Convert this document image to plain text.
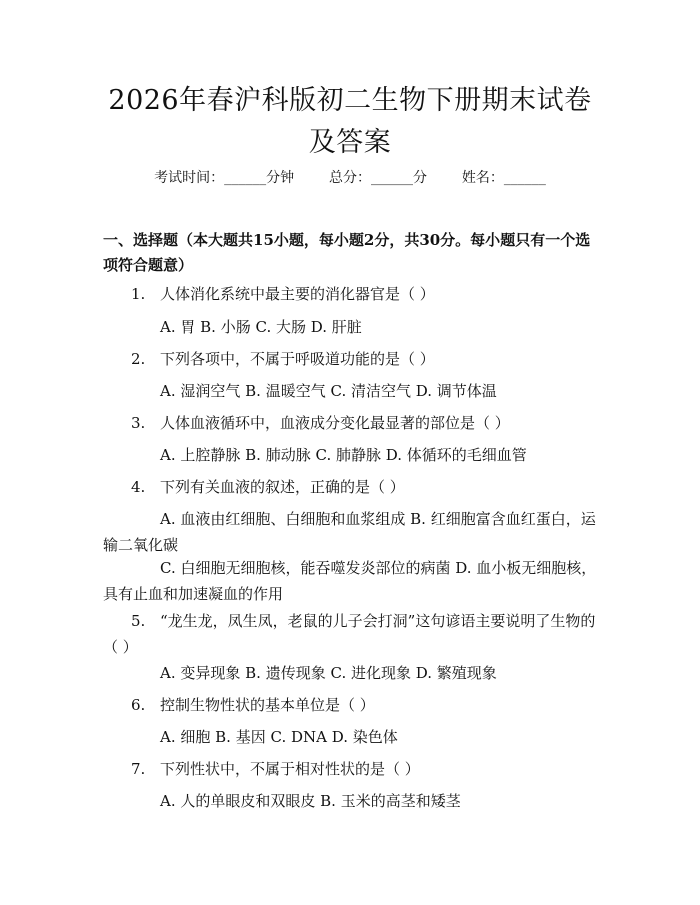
2026年春沪科版初二生物下册期末试卷及答案
考试时间：______分钟 总分：______分 姓名：______
一、选择题（本大题共15小题，每小题2分，共30分。每小题只有一个选项符合题意）
1. 人体消化系统中最主要的消化器官是（ ）
A. 胃 B. 小肠 C. 大肠 D. 肝脏
2. 下列各项中，不属于呼吸道功能的是（ ）
A. 湿润空气 B. 温暖空气 C. 清洁空气 D. 调节体温
3. 人体血液循环中，血液成分变化最显著的部位是（ ）
A. 上腔静脉 B. 肺动脉 C. 肺静脉 D. 体循环的毛细血管
4. 下列有关血液的叙述，正确的是（ ）
A. 血液由红细胞、白细胞和血浆组成 B. 红细胞富含血红蛋白，运输二氧化碳
C. 白细胞无细胞核，能吞噬发炎部位的病菌 D. 血小板无细胞核，具有止血和加速凝血的作用
5. “龙生龙，凤生凤，老鼠的儿子会打洞”这句谚语主要说明了生物的（ ）
A. 变异现象 B. 遗传现象 C. 进化现象 D. 繁殖现象
6. 控制生物性状的基本单位是（ ）
A. 细胞 B. 基因 C. DNA D. 染色体
7. 下列性状中，不属于相对性状的是（ ）
A. 人的单眼皮和双眼皮 B. 玉米的高茎和矮茎
